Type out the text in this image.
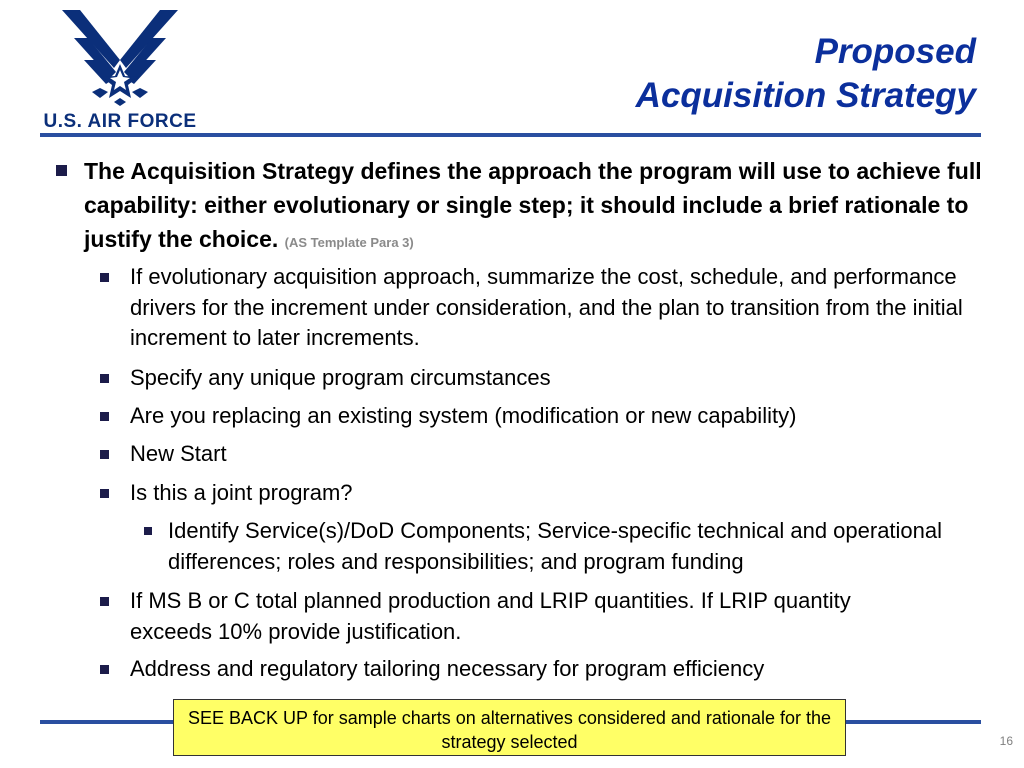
U.S. AIR FORCE
Proposed
Acquisition Strategy

The Acquisition Strategy defines the approach the program will use to achieve full capability: either evolutionary or single step; it should include a brief rationale to justify the choice. (AS Template Para 3)

If evolutionary acquisition approach, summarize the cost, schedule, and performance drivers for the increment under consideration, and the plan to transition from the initial increment to later increments.

Specify any unique program circumstances

Are you replacing an existing system (modification or new capability)

New Start

Is this a joint program?

Identify Service(s)/DoD Components; Service-specific technical and operational differences; roles and responsibilities; and program funding

If MS B or C total planned production and LRIP quantities. If LRIP quantity exceeds 10% provide justification.

Address and regulatory tailoring necessary for program efficiency

SEE BACK UP for sample charts on alternatives considered and rationale for the strategy selected	16
